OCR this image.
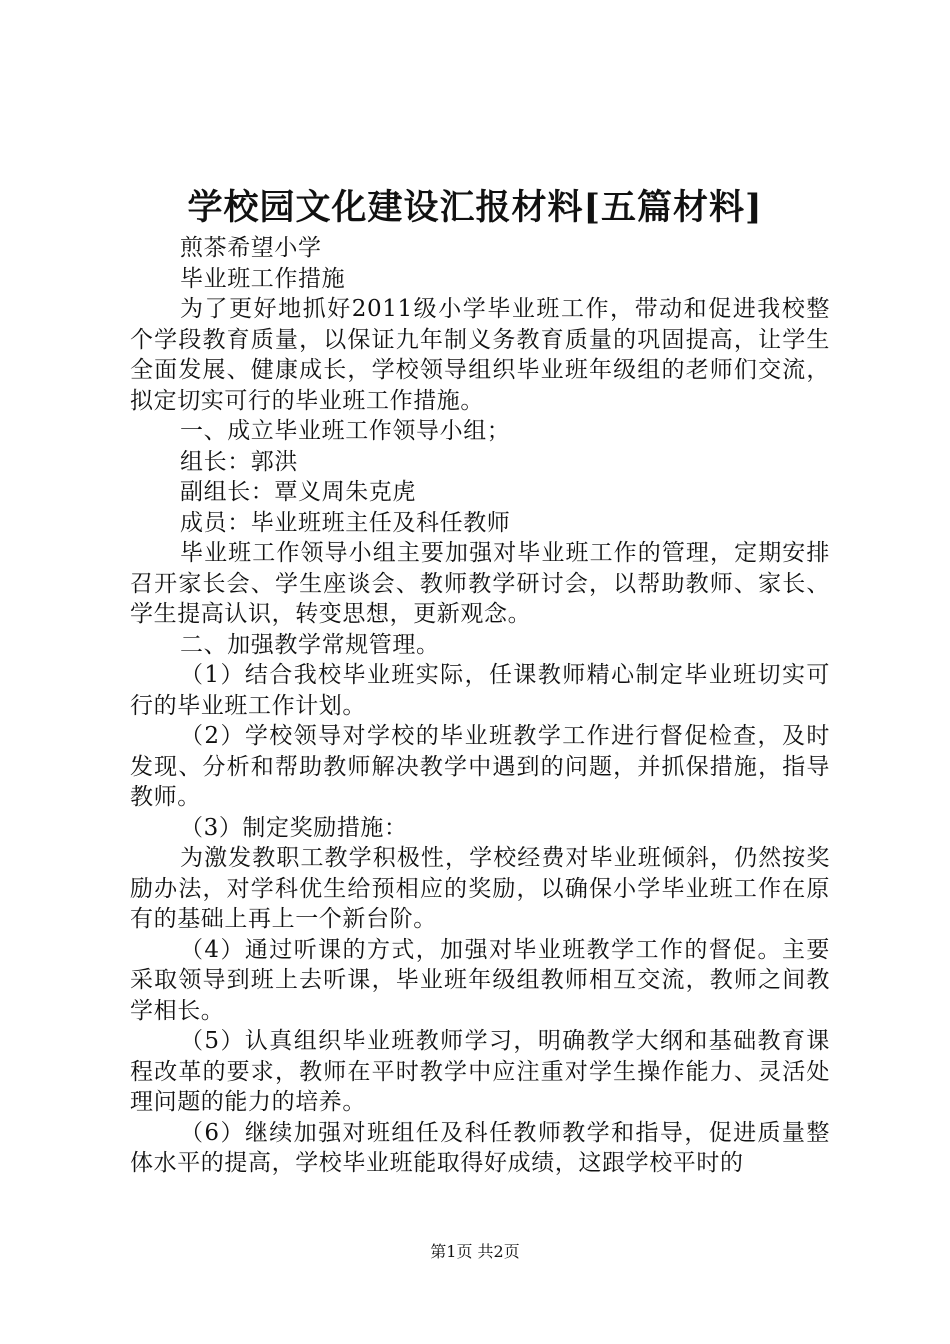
学校园文化建设汇报材料[五篇材料]

煎茶希望小学

毕业班工作措施

为了更好地抓好2011级小学毕业班工作，带动和促进我校整个学段教育质量，以保证九年制义务教育质量的巩固提高，让学生全面发展、健康成长，学校领导组织毕业班年级组的老师们交流，拟定切实可行的毕业班工作措施。

一、成立毕业班工作领导小组；

组长：郭洪

副组长：覃义周朱克虎

成员：毕业班班主任及科任教师

毕业班工作领导小组主要加强对毕业班工作的管理，定期安排召开家长会、学生座谈会、教师教学研讨会，以帮助教师、家长、学生提高认识，转变思想，更新观念。

二、加强教学常规管理。

（1）结合我校毕业班实际，任课教师精心制定毕业班切实可行的毕业班工作计划。

（2）学校领导对学校的毕业班教学工作进行督促检查，及时发现、分析和帮助教师解决教学中遇到的问题，并抓保措施，指导教师。

（3）制定奖励措施：

为激发教职工教学积极性，学校经费对毕业班倾斜，仍然按奖励办法，对学科优生给预相应的奖励，以确保小学毕业班工作在原有的基础上再上一个新台阶。

（4）通过听课的方式，加强对毕业班教学工作的督促。主要采取领导到班上去听课，毕业班年级组教师相互交流，教师之间教学相长。

（5）认真组织毕业班教师学习，明确教学大纲和基础教育课程改革的要求，教师在平时教学中应注重对学生操作能力、灵活处理问题的能力的培养。

（6）继续加强对班组任及科任教师教学和指导，促进质量整体水平的提高，学校毕业班能取得好成绩，这跟学校平时的

第1页 共2页
